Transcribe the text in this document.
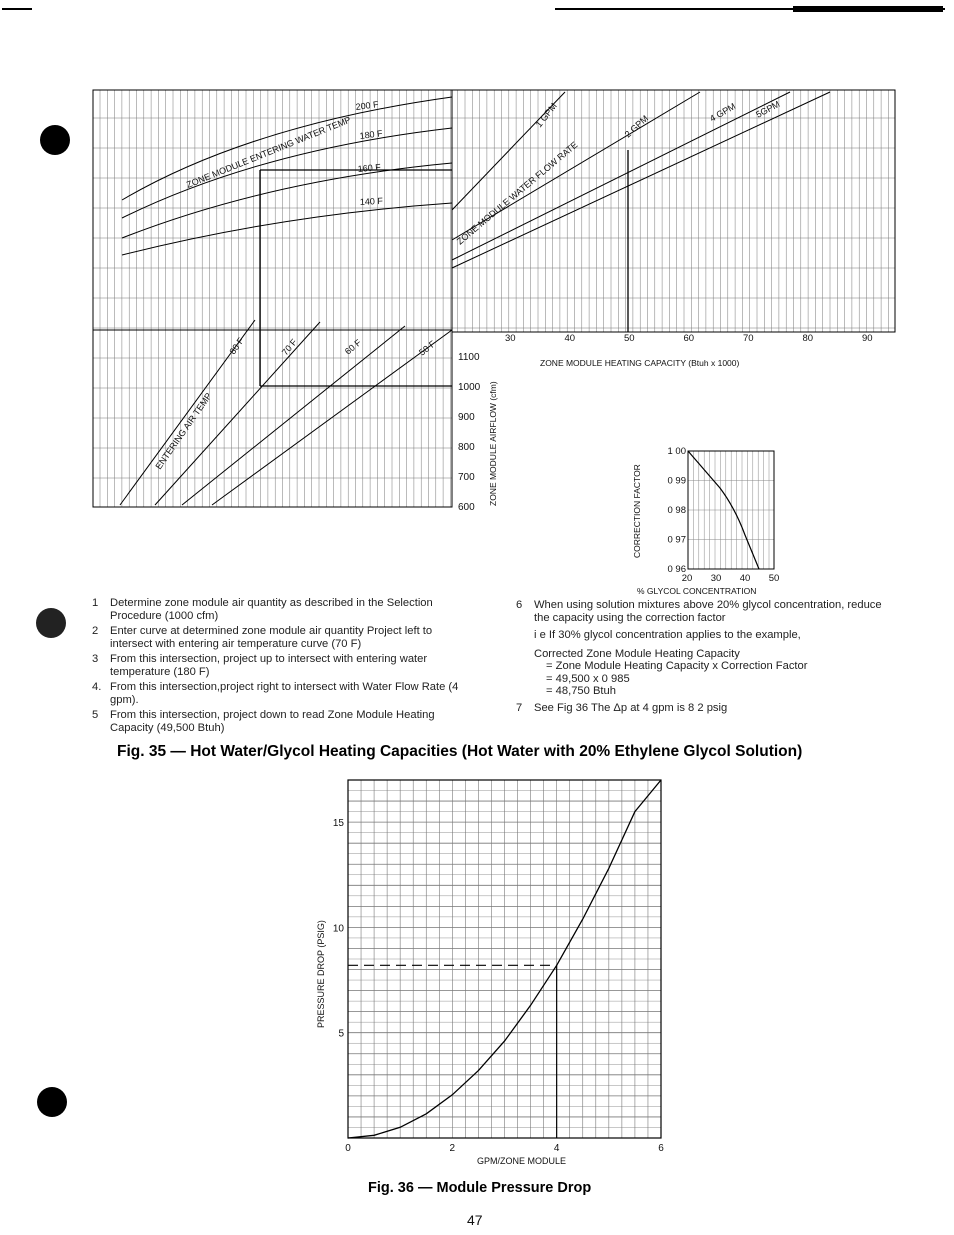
ZONE MODULE ENTERING WATER TEMP
200 F
180 F
160 F
140 F	ZONE MODULE WATER FLOW RATE
1 GPM	2 GPM
4 GPM 5GPM
ENTERING AIR TEMP
80 F	70 F	60 F	50 F
30	40	50	60	70	80	90
ZONE MODULE HEATING CAPACITY (Btuh x 1000)
1100
1000
900
800
700
600
ZONE MODULE AIRFLOW (cfm)	1 00
0 99
0 98
0 97
0 96
20 30 40 50
CORRECTION FACTOR
% GLYCOL CONCENTRATION
1 Determine zone module air quantity as described in the Selection Procedure (1000 cfm)
2 Enter curve at determined zone module air quantity Project left to intersect with entering air temperature curve (70 F)
3 From this intersection, project up to intersect with entering water temperature (180 F)
4. From this intersection,project right to intersect with Water Flow Rate (4 gpm).
5 From this intersection, project down to read Zone Module Heating Capacity (49,500 Btuh)
6 When using solution mixtures above 20% glycol concentration, reduce the capacity using the correction factor
i e If 30% glycol concentration applies to the example,
Corrected Zone Module Heating Capacity
= Zone Module Heating Capacity x Correction Factor
= 49,500 x 0 985
= 48,750 Btuh
7 See Fig 36 The Δp at 4 gpm is 8 2 psig
Fig. 35 — Hot Water/Glycol Heating Capacities (Hot Water with 20% Ethylene Glycol Solution)
0	2	4	6
5
10
15
GPM/ZONE MODULE
PRESSURE DROP (PSIG)
Fig. 36 — Module Pressure Drop
47
